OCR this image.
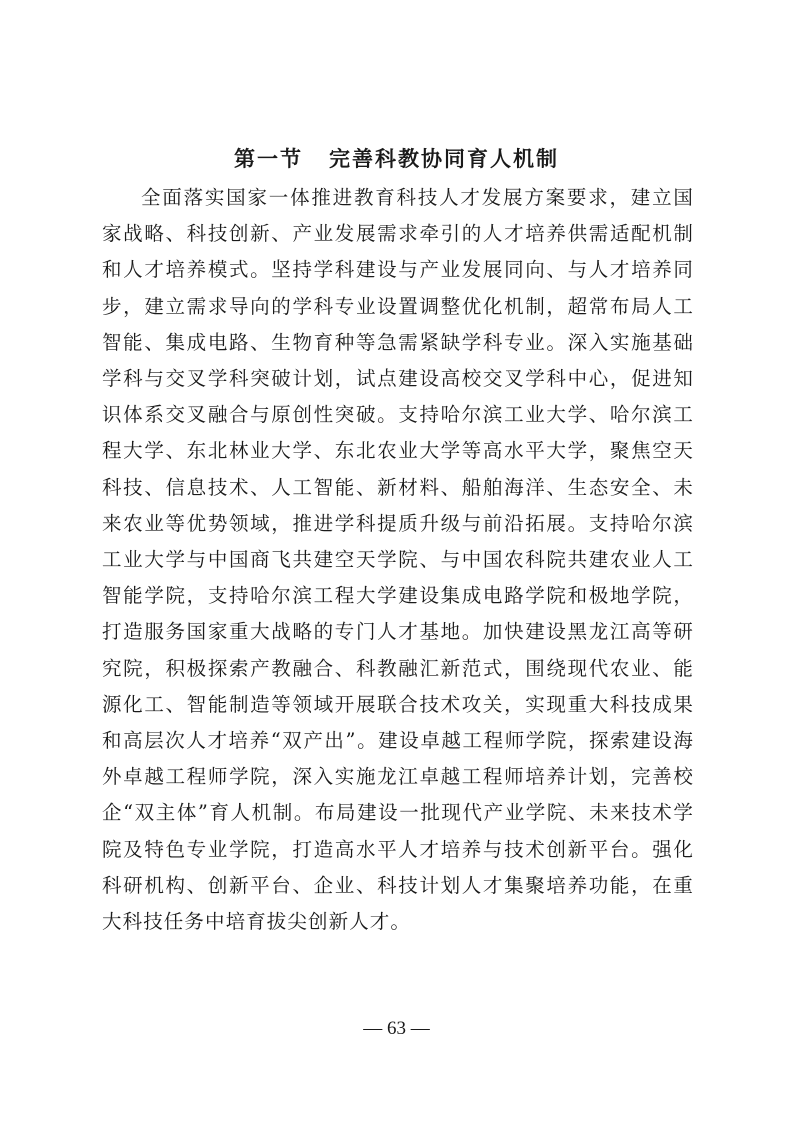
第一节 完善科教协同育人机制

全面落实国家一体推进教育科技人才发展方案要求，建立国家战略、科技创新、产业发展需求牵引的人才培养供需适配机制和人才培养模式。坚持学科建设与产业发展同向、与人才培养同步，建立需求导向的学科专业设置调整优化机制，超常布局人工智能、集成电路、生物育种等急需紧缺学科专业。深入实施基础学科与交叉学科突破计划，试点建设高校交叉学科中心，促进知识体系交叉融合与原创性突破。支持哈尔滨工业大学、哈尔滨工程大学、东北林业大学、东北农业大学等高水平大学，聚焦空天科技、信息技术、人工智能、新材料、船舶海洋、生态安全、未来农业等优势领域，推进学科提质升级与前沿拓展。支持哈尔滨工业大学与中国商飞共建空天学院、与中国农科院共建农业人工智能学院，支持哈尔滨工程大学建设集成电路学院和极地学院，打造服务国家重大战略的专门人才基地。加快建设黑龙江高等研究院，积极探索产教融合、科教融汇新范式，围绕现代农业、能源化工、智能制造等领域开展联合技术攻关，实现重大科技成果和高层次人才培养“双产出”。建设卓越工程师学院，探索建设海外卓越工程师学院，深入实施龙江卓越工程师培养计划，完善校企“双主体”育人机制。布局建设一批现代产业学院、未来技术学院及特色专业学院，打造高水平人才培养与技术创新平台。强化科研机构、创新平台、企业、科技计划人才集聚培养功能，在重大科技任务中培育拔尖创新人才。

— 63 —
